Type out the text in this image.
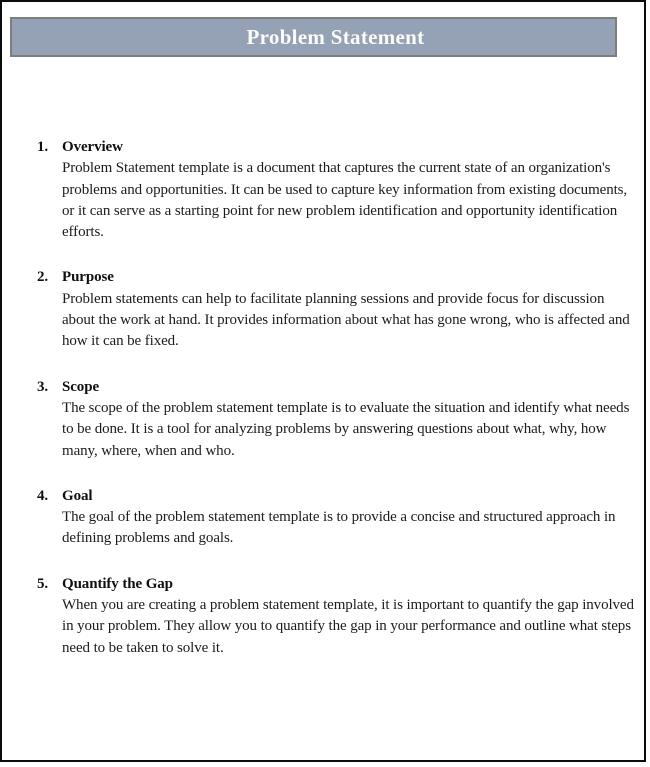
Problem Statement
1. Overview
Problem Statement template is a document that captures the current state of an organization's problems and opportunities. It can be used to capture key information from existing documents, or it can serve as a starting point for new problem identification and opportunity identification efforts.
2. Purpose
Problem statements can help to facilitate planning sessions and provide focus for discussion about the work at hand. It provides information about what has gone wrong, who is affected and how it can be fixed.
3. Scope
The scope of the problem statement template is to evaluate the situation and identify what needs to be done. It is a tool for analyzing problems by answering questions about what, why, how many, where, when and who.
4. Goal
The goal of the problem statement template is to provide a concise and structured approach in defining problems and goals.
5. Quantify the Gap
When you are creating a problem statement template, it is important to quantify the gap involved in your problem. They allow you to quantify the gap in your performance and outline what steps need to be taken to solve it.
